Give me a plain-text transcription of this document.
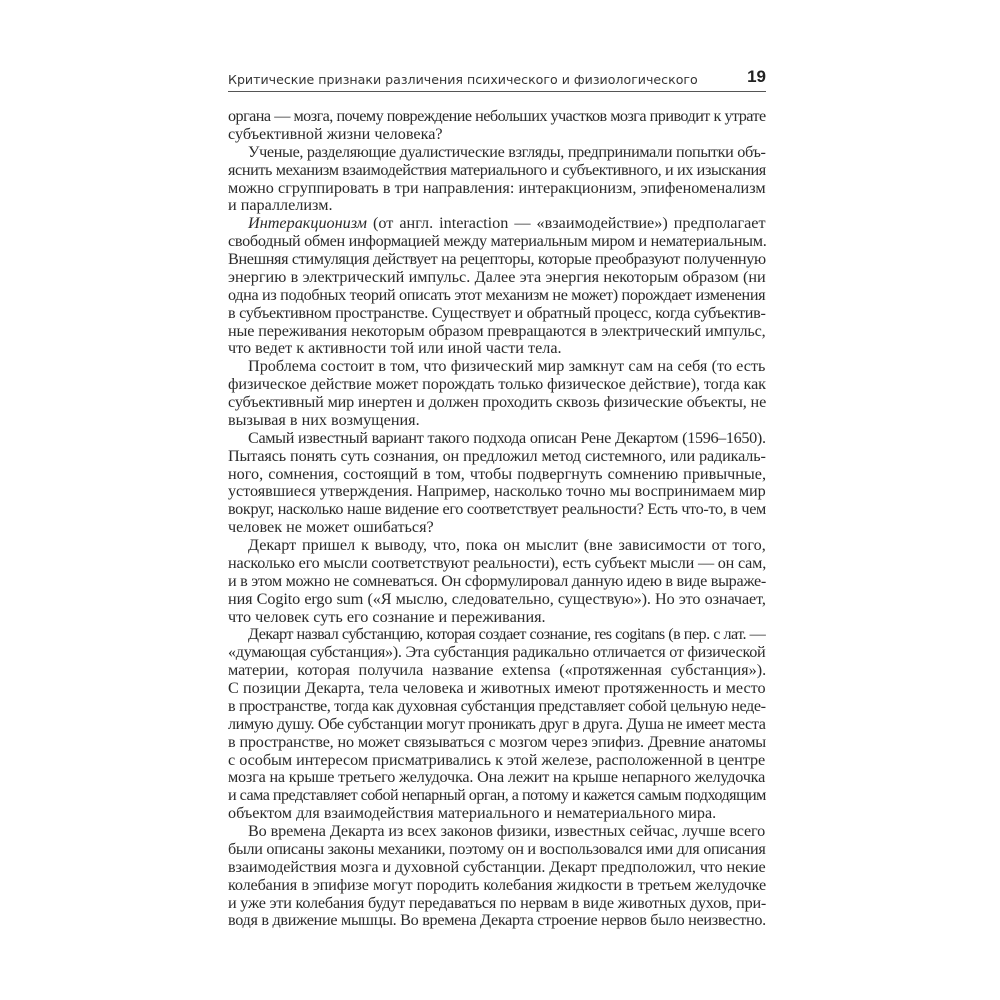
Критические признаки различения психического и физиологического	19
органа — мозга, почему повреждение небольших участков мозга приводит к утрате
субъективной жизни человека?
Ученые, разделяющие дуалистические взгляды, предпринимали попытки объ-
яснить механизм взаимодействия материального и субъективного, и их изыскания
можно сгруппировать в три направления: интеракционизм, эпифеноменализм
и параллелизм.
Интеракционизм (от англ. interaction — «взаимодействие») предполагает
свободный обмен информацией между материальным миром и нематериальным.
Внешняя стимуляция действует на рецепторы, которые преобразуют полученную
энергию в электрический импульс. Далее эта энергия некоторым образом (ни
одна из подобных теорий описать этот механизм не может) порождает изменения
в субъективном пространстве. Существует и обратный процесс, когда субъектив-
ные переживания некоторым образом превращаются в электрический импульс,
что ведет к активности той или иной части тела.
Проблема состоит в том, что физический мир замкнут сам на себя (то есть
физическое действие может порождать только физическое действие), тогда как
субъективный мир инертен и должен проходить сквозь физические объекты, не
вызывая в них возмущения.
Самый известный вариант такого подхода описан Рене Декартом (1596–1650).
Пытаясь понять суть сознания, он предложил метод системного, или радикаль-
ного, сомнения, состоящий в том, чтобы подвергнуть сомнению привычные,
устоявшиеся утверждения. Например, насколько точно мы воспринимаем мир
вокруг, насколько наше видение его соответствует реальности? Есть что-то, в чем
человек не может ошибаться?
Декарт пришел к выводу, что, пока он мыслит (вне зависимости от того,
насколько его мысли соответствуют реальности), есть субъект мысли — он сам,
и в этом можно не сомневаться. Он сформулировал данную идею в виде выраже-
ния Cogito ergo sum («Я мыслю, следовательно, существую»). Но это означает,
что человек суть его сознание и переживания.
Декарт назвал субстанцию, которая создает сознание, res cogitans (в пер. с лат. —
«думающая субстанция»). Эта субстанция радикально отличается от физической
материи, которая получила название extensa («протяженная субстанция»).
С позиции Декарта, тела человека и животных имеют протяженность и место
в пространстве, тогда как духовная субстанция представляет собой цельную неде-
лимую душу. Обе субстанции могут проникать друг в друга. Душа не имеет места
в пространстве, но может связываться с мозгом через эпифиз. Древние анатомы
с особым интересом присматривались к этой железе, расположенной в центре
мозга на крыше третьего желудочка. Она лежит на крыше непарного желудочка
и сама представляет собой непарный орган, а потому и кажется самым подходящим
объектом для взаимодействия материального и нематериального мира.
Во времена Декарта из всех законов физики, известных сейчас, лучше всего
были описаны законы механики, поэтому он и воспользовался ими для описания
взаимодействия мозга и духовной субстанции. Декарт предположил, что некие
колебания в эпифизе могут породить колебания жидкости в третьем желудочке
и уже эти колебания будут передаваться по нервам в виде животных духов, при-
водя в движение мышцы. Во времена Декарта строение нервов было неизвестно.
